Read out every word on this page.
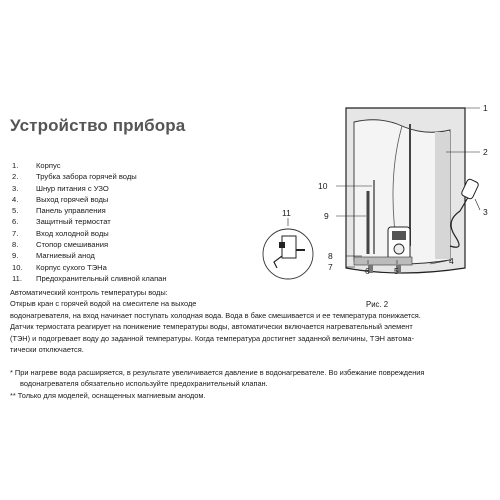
Устройство прибора
1. Корпус
2. Трубка забора горячей воды
3. Шнур питания с УЗО
4. Выход горячей воды
5. Панель управления
6. Защитный термостат
7. Вход холодной воды
8. Стопор смешивания
9. Магниевый анод
10. Корпус сухого ТЭНа
11. Предохранительный сливной клапан
1
2
3
4
5
6
7
8
9
10
11
Рис. 2

Автоматический контроль температуры воды:

Открыв кран с горячей водой на смесителе на выходе

водонагревателя, на вход начинает поступать холодная вода. Вода в баке смешивается и ее температура понижается.

Датчик термостата реагирует на понижение температуры воды, автоматически включается нагревательный элемент

(ТЭН) и подогревает воду до заданной температуры. Когда температура достигнет заданной величины, ТЭН автома-

тически отключается.

* При нагреве вода расширяется, в результате увеличивается давление в водонагревателе. Во избежание повреждения

водонагревателя обязательно используйте предохранительный клапан.

** Только для моделей, оснащенных магниевым анодом.
